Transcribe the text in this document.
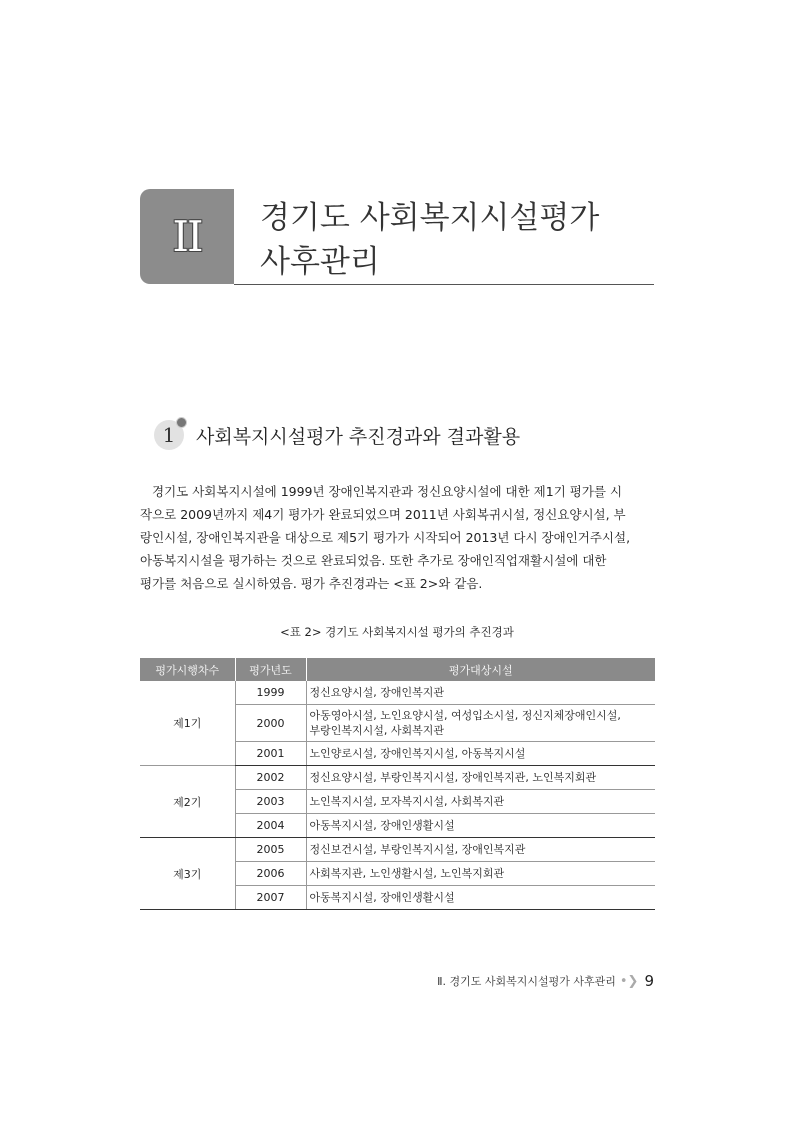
II 경기도 사회복지시설평가
사후관리
1 사회복지시설평가 추진경과와 결과활용
경기도 사회복지시설에 1999년 장애인복지관과 정신요양시설에 대한 제1기 평가를 시
작으로 2009년까지 제4기 평가가 완료되었으며 2011년 사회복귀시설, 정신요양시설, 부
랑인시설, 장애인복지관을 대상으로 제5기 평가가 시작되어 2013년 다시 장애인거주시설,
아동복지시설을 평가하는 것으로 완료되었음. 또한 추가로 장애인직업재활시설에 대한
평가를 처음으로 실시하였음. 평가 추진경과는 <표 2>와 같음.
<표 2> 경기도 사회복지시설 평가의 추진경과
평가시행차수	평가년도	평가대상시설
제1기	1999	정신요양시설, 장애인복지관
	2000	아동영아시설, 노인요양시설, 여성입소시설, 정신지체장애인시설,
부랑인복지시설, 사회복지관
	2001	노인양로시설, 장애인복지시설, 아동복지시설
제2기	2002	정신요양시설, 부랑인복지시설, 장애인복지관, 노인복지회관
	2003	노인복지시설, 모자복지시설, 사회복지관
	2004	아동복지시설, 장애인생활시설
제3기	2005	정신보건시설, 부랑인복지시설, 장애인복지관
	2006	사회복지관, 노인생활시설, 노인복지회관
	2007	아동복지시설, 장애인생활시설
Ⅱ. 경기도 사회복지시설평가 사후관리 •❯ 9
